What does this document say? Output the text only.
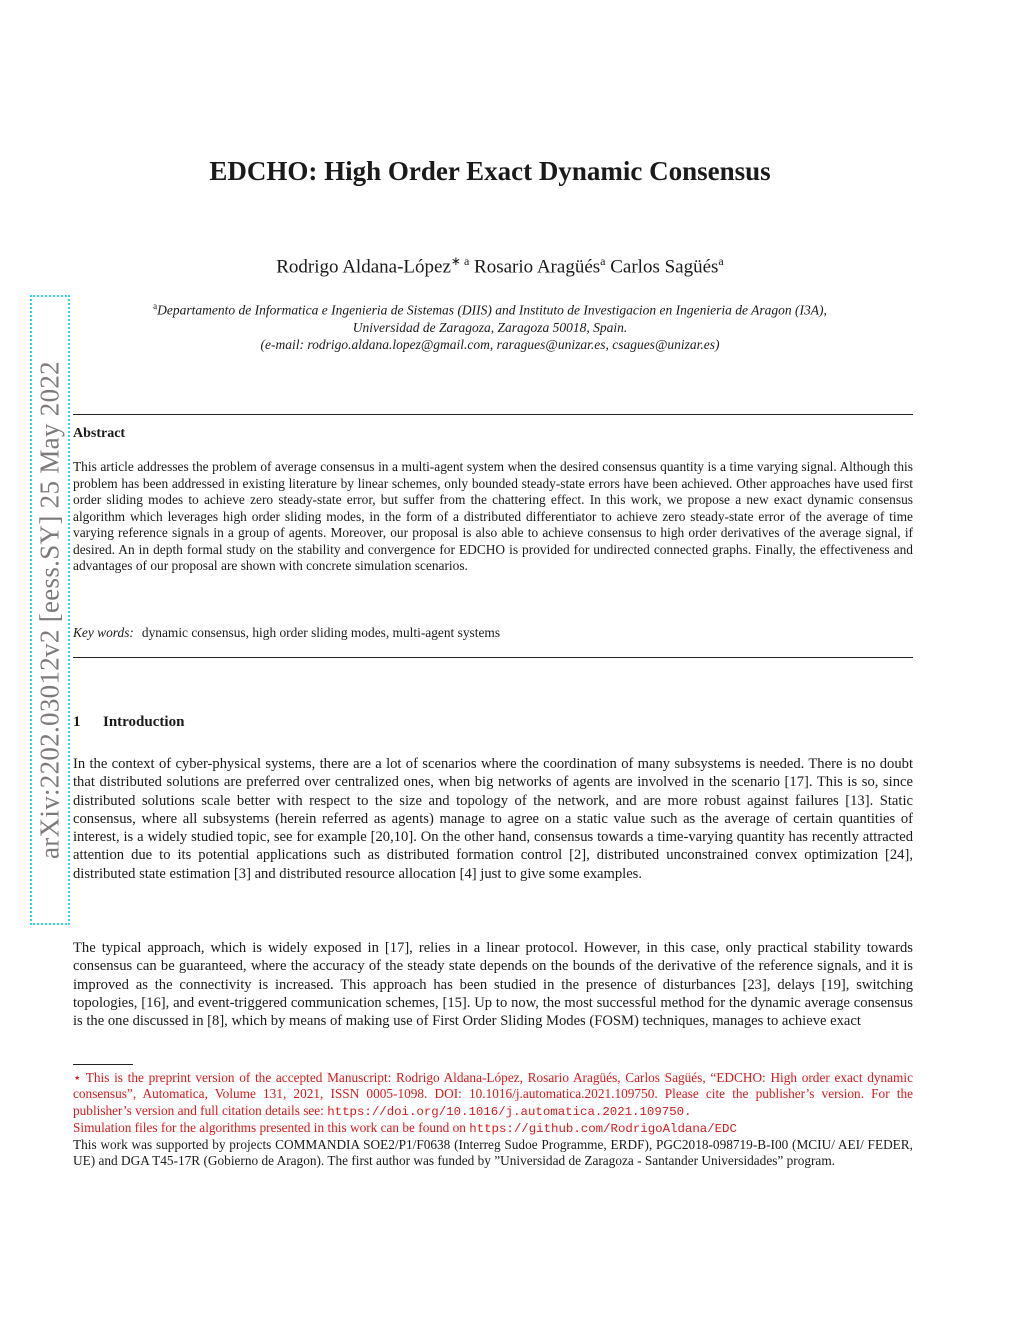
arXiv:2202.03012v2 [eess.SY] 25 May 2022
EDCHO: High Order Exact Dynamic Consensus
Rodrigo Aldana-López$^{∗ a}$ Rosario Aragüés$^a$ Carlos Sagüés$^a$

$^a$Departamento de Informatica e Ingenieria de Sistemas (DIIS) and Instituto de Investigacion en Ingenieria de Aragon (I3A),

Universidad de Zaragoza, Zaragoza 50018, Spain.

(e-mail: rodrigo.aldana.lopez@gmail.com, raragues@unizar.es, csagues@unizar.es)

Abstract

This article addresses the problem of average consensus in a multi-agent system when the desired consensus quantity is a time varying signal. Although this problem has been addressed in existing literature by linear schemes, only bounded steady-state errors have been achieved. Other approaches have used first order sliding modes to achieve zero steady-state error, but suffer from the chattering effect. In this work, we propose a new exact dynamic consensus algorithm which leverages high order sliding modes, in the form of a distributed differentiator to achieve zero steady-state error of the average of time varying reference signals in a group of agents. Moreover, our proposal is also able to achieve consensus to high order derivatives of the average signal, if desired. An in depth formal study on the stability and convergence for EDCHO is provided for undirected connected graphs. Finally, the effectiveness and advantages of our proposal are shown with concrete simulation scenarios.

Key words: dynamic consensus, high order sliding modes, multi-agent systems
1 Introduction

In the context of cyber-physical systems, there are a lot of scenarios where the coordination of many subsystems is needed. There is no doubt that distributed solutions are preferred over centralized ones, when big networks of agents are involved in the scenario [17]. This is so, since distributed solutions scale better with respect to the size and topology of the network, and are more robust against failures [13]. Static consensus, where all subsystems (herein referred as agents) manage to agree on a static value such as the average of certain quantities of interest, is a widely studied topic, see for example [20,10]. On the other hand, consensus towards a time-varying quantity has recently attracted attention due to its potential applications such as distributed formation control [2], distributed unconstrained convex optimization [24], distributed state estimation [3] and distributed resource allocation [4] just to give some examples.

The typical approach, which is widely exposed in [17], relies in a linear protocol. However, in this case, only practical stability towards consensus can be guaranteed, where the accuracy of the steady state depends on the bounds of the derivative of the reference signals, and it is improved as the connectivity is increased. This approach has been studied in the presence of disturbances [23], delays [19], switching topologies, [16], and event-triggered communication schemes, [15]. Up to now, the most successful method for the dynamic average consensus is the one discussed in [8], which by means of making use of First Order Sliding Modes (FOSM) techniques, manages to achieve exact

⋆ This is the preprint version of the accepted Manuscript: Rodrigo Aldana-López, Rosario Aragüés, Carlos Sagüés, “EDCHO: High order exact dynamic consensus”, Automatica, Volume 131, 2021, ISSN 0005-1098. DOI: 10.1016/j.automatica.2021.109750. Please cite the publisher’s version. For the publisher’s version and full citation details see: https://doi.org/10.1016/j.automatica.2021.109750.

Simulation files for the algorithms presented in this work can be found on https://github.com/RodrigoAldana/EDC

This work was supported by projects COMMANDIA SOE2/P1/F0638 (Interreg Sudoe Programme, ERDF), PGC2018-098719-B-I00 (MCIU/ AEI/ FEDER, UE) and DGA T45-17R (Gobierno de Aragon). The first author was funded by ”Universidad de Zaragoza - Santander Universidades” program.
